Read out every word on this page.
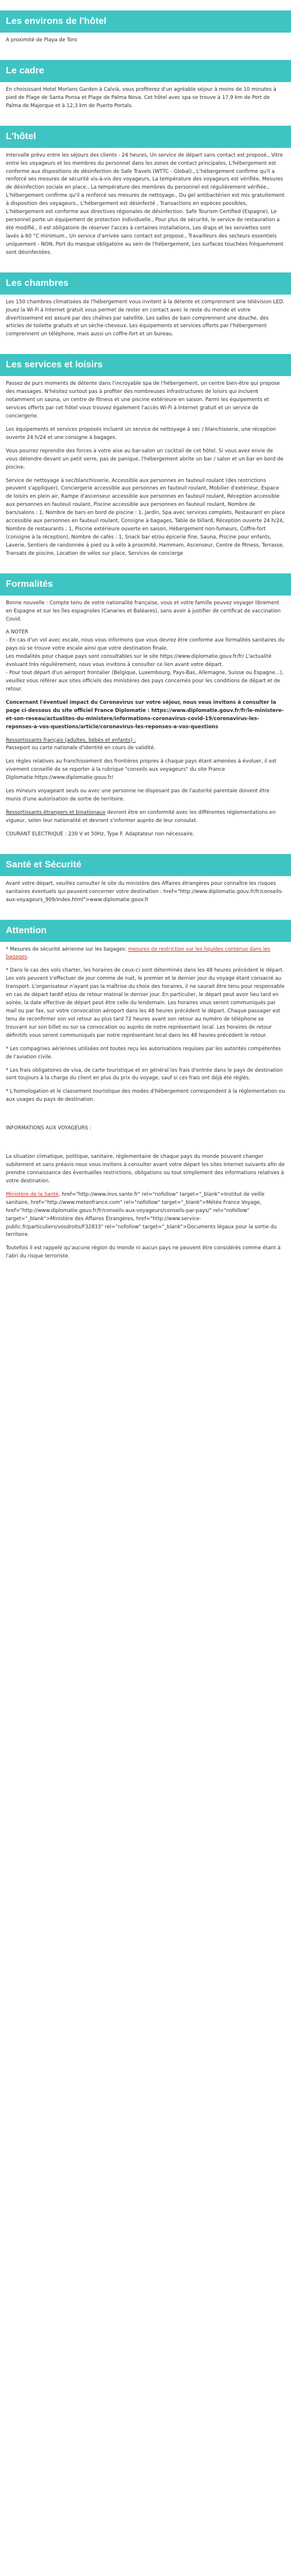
Les environs de l'hôtel

A proximité de Playa de Toro

Le cadre

En choisissant Hotel Morlans Garden à Calvià, vous profiterez d'un agréable séjour à moins de 10 minutes à pied de Plage de Santa Ponsa et Plage de Palma Nova. Cet hôtel avec spa se trouve à 17,9 km de Port de Palma de Majorque et à 12,3 km de Puerto Portals.

L'hôtel

Intervalle prévu entre les séjours des clients - 24 heures, Un service de départ sans contact est proposé., Vitre entre les voyageurs et les membres du personnel dans les zones de contact principales, L'hébergement est conforme aux dispositions de désinfection de Safe Travels (WTTC - Global)., L'hébergement confirme qu'il a renforcé ses mesures de sécurité vis-à-vis des voyageurs, La température des voyageurs est vérifiée, Mesures de désinfection sociale en place., La température des membres du personnel est régulièrement vérifiée., L'hébergement confirme qu'il a renforcé ses mesures de nettoyage., Du gel antibactérien est mis gratuitement à disposition des voyageurs., L'hébergement est désinfecté , Transactions en espèces possibles, L'hébergement est conforme aux directives régionales de désinfection. Safe Tourism Certified (Espagne), Le personnel porte un équipement de protection individuelle., Pour plus de sécurité, le service de restauration a été modifié., Il est obligatoire de réserver l'accès à certaines installations, Les draps et les serviettes sont lavés à 60 °C minimum., Un service d'arrivée sans contact est proposé., Travailleurs des secteurs essentiels uniquement - NON, Port du masque obligatoire au sein de l'hébergement, Les surfaces touchées fréquemment sont désinfectées.

Les chambres

Les 150 chambres climatisées de l'hébergement vous invitent à la détente et comprennent une télévision LED. Jouez la Wi-Fi à Internet gratuit vous permet de rester en contact avec le reste du monde et votre divertissement est assuré par des chaînes par satellite. Les salles de bain comprennent une douche, des articles de toilette gratuits et un sèche-cheveux. Les équipements et services offerts par l'hébergement comprennent un téléphone, mais aussi un coffre-fort et un bureau.

Les services et loisirs

Passez de purs moments de détente dans l'incroyable spa de l'hébergement, un centre bien-être qui propose des massages. N'hésitez surtout pas à profiter des nombreuses infrastructures de loisirs qui incluent notamment un sauna, un centre de fitness et une piscine extérieure en saison. Parmi les équipements et services offerts par cet hôtel vous trouvez également l'accès Wi-Fi à Internet gratuit et un service de conciergerie.

Les équipements et services proposés incluent un service de nettoyage à sec / blanchisserie, une réception ouverte 24 h/24 et une consigne à bagages.

Vous pourrez reprendre des forces à votre aise au bar-salon un cocktail de cet hôtel. Si vous avez envie de vous détendre devant un petit verre, pas de panique, l'hébergement abrite un bar / salon et un bar en bord de piscine.

Service de nettoyage à sec/blanchisserie, Accessible aux personnes en fauteuil roulant (des restrictions peuvent s'appliquer), Conciergerie accessible aux personnes en fauteuil roulant, Mobilier d'extérieur, Espace de loisirs en plein air, Rampe d'ascenseur accessible aux personnes en fauteuil roulant, Réception accessible aux personnes en fauteuil roulant, Piscine accessible aux personnes en fauteuil roulant, Nombre de bars/salons : 1, Nombre de bars en bord de piscine : 1, Jardin, Spa avec services complets, Restaurant en place accessible aux personnes en fauteuil roulant, Consigne à bagages, Table de billard, Réception ouverte 24 h/24, Nombre de restaurants : 1, Piscine extérieure ouverte en saison, Hébergement non-fumeurs, Coffre-fort (consigne à la réception), Nombre de cafés : 1, Snack bar et/ou épicerie fine, Sauna, Piscine pour enfants, Laverie, Sentiers de randonnée à pied ou à vélo à proximité, Hammam, Ascenseur, Centre de fitness, Terrasse, Transats de piscine, Location de vélos sur place, Services de concierge

Formalités

Bonne nouvelle : Compte tenu de votre nationalité française, vous et votre famille pouvez voyager librement en Espagne et sur les îles espagnoles (Canaries et Baléares), sans avoir à justifier de certificat de vaccination Covid.

A NOTER
- En cas d'un vol avec escale, nous vous informons que vous devrez être conforme aux formalités sanitaires du pays où se trouve votre escale ainsi que votre destination finale.
Les modalités pour chaque pays sont consultables sur le site https://www.diplomatie.gouv.fr/fr/ L'actualité évoluant très régulièrement, nous vous invitons à consulter ce lien avant votre départ.
- Pour tout départ d'un aéroport frontalier (Belgique, Luxembourg, Pays-Bas, Allemagne, Suisse ou Espagne...), veuillez vous référer aux sites officiels des ministères des pays concernés pour les conditions de départ et de retour.

Concernant l'éventuel impact du Coronavirus sur votre séjour, nous vous invitons à consulter la page ci-dessous du site officiel France Diplomatie : https://www.diplomatie.gouv.fr/fr/le-ministere-et-son-reseau/actualites-du-ministere/informations-coronavirus-covid-19/coronavirus-les-reponses-a-vos-questions/article/coronavirus-les-reponses-a-vos-questions

Ressortissants français (adultes, bébés et enfants) :
Passeport ou carte nationale d'identité en cours de validité.

Les règles relatives au franchissement des frontières propres à chaque pays étant amenées à évoluer, il est vivement conseillé de se reporter à la rubrique "conseils aux voyageurs" du site France Diplomatie:https://www.diplomatie.gouv.fr/

Les mineurs voyageant seuls ou avec une personne ne disposant pas de l'autorité parentale doivent être munis d'une autorisation de sortie de territoire.

Ressortissants étrangers et binationaux devront être en conformité avec les différentes réglementations en vigueur, selon leur nationalité et devront s'informer auprès de leur consulat.

COURANT ELECTRIQUE : 230 V et 50Hz, Type F. Adaptateur non nécessaire.

Santé et Sécurité

Avant votre départ, veuillez consulter le site du ministère des Affaires étrangères pour connaître les risques sanitaires éventuels qui peuvent concerner votre destination : href="http://www.diplomatie.gouv.fr/fr/conseils-aux-voyageurs_909/index.html">www.diplomatie.gouv.fr

Attention

* Mesures de sécurité aérienne sur les bagages: mesures de restriction sur les liquides contenus dans les bagages.

* Dans le cas des vols charter, les horaires de ceux-ci sont déterminés dans les 48 heures précédent le départ. Les vols peuvent s'effectuer de jour comme de nuit, le premier et le dernier jour du voyage étant consacré au transport. L'organisateur n'ayant pas la maîtrise du choix des horaires, il ne saurait être tenu pour responsable en cas de départ tardif et/ou de retour matinal le dernier jour. En particulier, le départ peut avoir lieu tard en soirée, la date effective de départ peut être celle du lendemain. Les horaires vous seront communiqués par mail ou par fax, sur votre convocation aéroport dans les 48 heures précédent le départ. Chaque passager est tenu de reconfirmer son vol retour au plus tard 72 heures avant son retour au numéro de téléphone se trouvant sur son billet ou sur sa convocation ou auprès de notre représentant local. Les horaires de retour définitifs vous seront communiqués par notre représentant local dans les 48 heures précédent le retour.

* Les compagnies aériennes utilisées ont toutes reçu les autorisations requises par les autorités compétentes de l'aviation civile.

* Les frais obligatoires de visa, de carte touristique et en général les frais d'entrée dans le pays de destination sont toujours à la charge du client en plus du prix du voyage, sauf si ces frais ont déjà été réglés.

* L'homologation et le classement touristique des modes d'hébergement correspondent à la réglementation ou aux usages du pays de destination.

INFORMATIONS AUX VOYAGEURS :

La situation climatique, politique, sanitaire, réglementaire de chaque pays du monde pouvant changer subitement et sans préavis nous vous invitons à consulter avant votre départ les sites Internet suivants afin de prendre connaissance des éventuelles restrictions, obligations ou tout simplement des informations relatives à votre destination.

Ministère de la Santé, href="http://www.invs.sante.fr" rel="nofollow" target="_blank">Institut de veille sanitaire, href="http://www.meteofrance.com" rel="nofollow" target="_blank">Météo France Voyage, href="http://www.diplomatie.gouv.fr/fr/conseils-aux-voyageurs/conseils-par-pays/" rel="nofollow" target="_blank">Ministère des Affaires Étrangères, href="http://www.service-public.fr/particuliers/vosdroits/F32833" rel="nofollow" target="_blank">Documents légaux pour la sortie du territoire.

Toutefois il est rappelé qu'aucune région du monde ni aucun pays ne peuvent être considérés comme étant à l'abri du risque terroriste.
